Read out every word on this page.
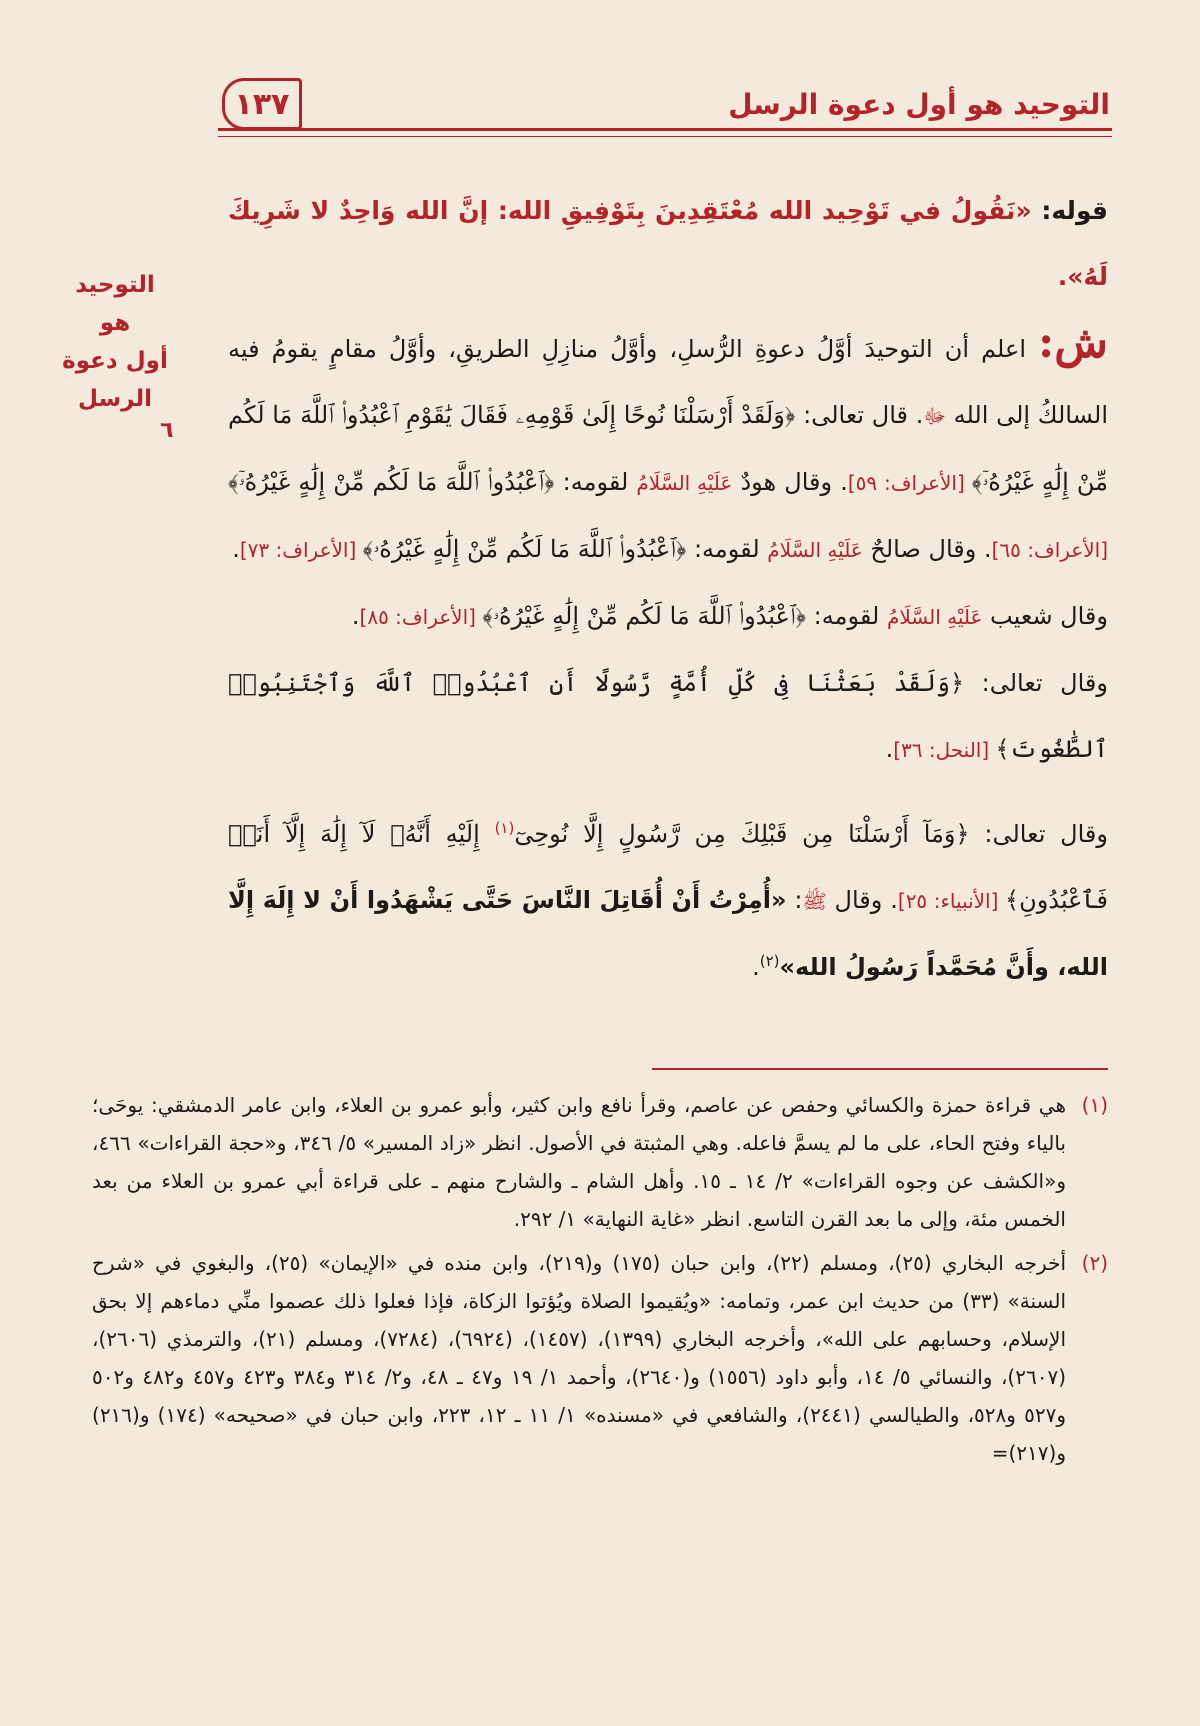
التوحيد هو أول دعوة الرسل
١٣٧
التوحيد هو
أول دعوة
الرسل
٦

قوله: «نَقُولُ في تَوْحِيد الله مُعْتَقِدِينَ بِتَوْفِيقِ الله: إنَّ الله وَاحِدٌ لا شَرِيكَ لَهُ».

ش: اعلم أن التوحيدَ أوَّلُ دعوةِ الرُّسلِ، وأوَّلُ منازِلِ الطريقِ، وأوَّلُ مقامٍ يقومُ فيه السالكُ إلى الله ﷻ. قال تعالى: ﴿وَلَقَدْ أَرْسَلْنَا نُوحًا إِلَىٰ قَوْمِهِۦ فَقَالَ يَٰقَوْمِ ٱعْبُدُوا۟ ٱللَّهَ مَا لَكُم مِّنْ إِلَٰهٍ غَيْرُهُۥٓ﴾ [الأعراف: ٥٩]. وقال هودٌ عَلَيْهِ السَّلَامُ لقومه: ﴿ٱعْبُدُوا۟ ٱللَّهَ مَا لَكُم مِّنْ إِلَٰهٍ غَيْرُهُۥٓ﴾ [الأعراف: ٦٥]. وقال صالحٌ عَلَيْهِ السَّلَامُ لقومه: ﴿ٱعْبُدُوا۟ ٱللَّهَ مَا لَكُم مِّنْ إِلَٰهٍ غَيْرُهُۥ﴾ [الأعراف: ٧٣].

وقال شعيب عَلَيْهِ السَّلَامُ لقومه: ﴿ٱعْبُدُوا۟ ٱللَّهَ مَا لَكُم مِّنْ إِلَٰهٍ غَيْرُهُۥ﴾ [الأعراف: ٨٥].

وقال تعالى: ﴿وَلَقَدْ بَعَثْنَا فِى كُلِّ أُمَّةٍ رَّسُولًا أَنِ ٱعْبُدُوا۟ ٱللَّهَ وَٱجْتَنِبُوا۟ ٱلطَّٰغُوتَ﴾ [النحل: ٣٦].

وقال تعالى: ﴿وَمَآ أَرْسَلْنَا مِن قَبْلِكَ مِن رَّسُولٍ إِلَّا نُوحِىٓ$^{(١)}$ إِلَيْهِ أَنَّهُۥ لَآ إِلَٰهَ إِلَّآ أَنَا۠ فَٱعْبُدُونِ﴾ [الأنبياء: ٢٥]. وقال ﷺ: «أُمِرْتُ أَنْ أُقَاتِلَ النَّاسَ حَتَّى يَشْهَدُوا أَنْ لا إِلَهَ إِلَّا الله، وأَنَّ مُحَمَّداً رَسُولُ الله»$^{(٢)}$.

(١)
هي قراءة حمزة والكسائي وحفص عن عاصم، وقرأ نافع وابن كثير، وأبو عمرو بن العلاء، وابن عامر الدمشقي: يوحَى؛ بالياء وفتح الحاء، على ما لم يسمَّ فاعله. وهي المثبتة في الأصول. انظر «زاد المسير» ٥/ ٣٤٦، و«حجة القراءات» ٤٦٦، و«الكشف عن وجوه القراءات» ٢/ ١٤ ـ ١٥. وأهل الشام ـ والشارح منهم ـ على قراءة أبي عمرو بن العلاء من بعد الخمس مئة، وإلى ما بعد القرن التاسع. انظر «غاية النهاية» ١/ ٢٩٢.
(٢)
أخرجه البخاري (٢٥)، ومسلم (٢٢)، وابن حبان (١٧٥) و(٢١٩)، وابن منده في «الإيمان» (٢٥)، والبغوي في «شرح السنة» (٣٣) من حديث ابن عمر، وتمامه: «ويُقيموا الصلاة ويُؤتوا الزكاة، فإذا فعلوا ذلك عصموا منِّي دماءهم إلا بحق الإسلام، وحسابهم على الله»، وأخرجه البخاري (١٣٩٩)، (١٤٥٧)، (٦٩٢٤)، (٧٢٨٤)، ومسلم (٢١)، والترمذي (٢٦٠٦)، (٢٦٠٧)، والنسائي ٥/ ١٤، وأبو داود (١٥٥٦) و(٢٦٤٠)، وأحمد ١/ ١٩ و٤٧ ـ ٤٨، و٢/ ٣١٤ و٣٨٤ و٤٢٣ و٤٥٧ و٤٨٢ و٥٠٢ و٥٢٧ و٥٢٨، والطيالسي (٢٤٤١)، والشافعي في «مسنده» ١/ ١١ ـ ١٢، ٢٢٣، وابن حبان في «صحيحه» (١٧٤) و(٢١٦) و(٢١٧)=
